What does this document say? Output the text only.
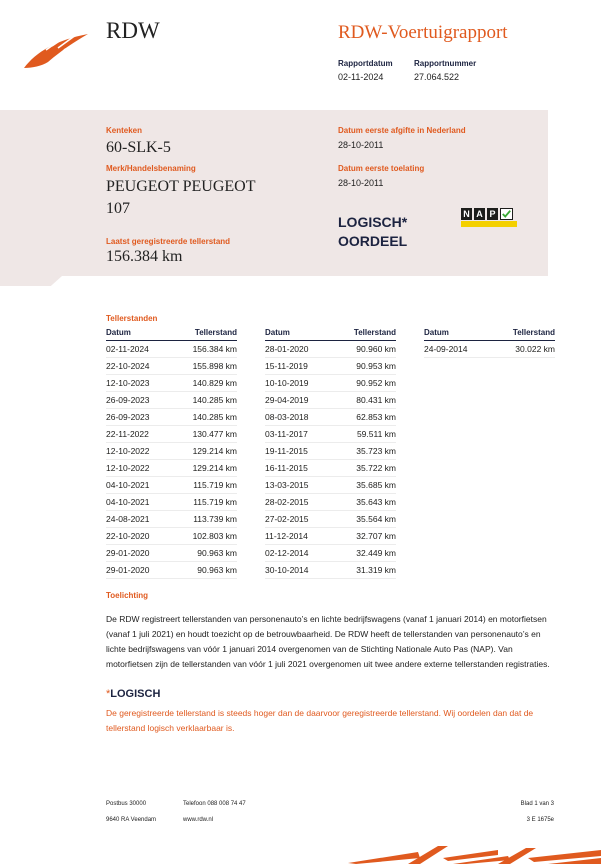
RDW	RDW-Voertuigrapport
Rapportdatum
02-11-2024
Rapportnummer
27.064.522
Kenteken
60-SLK-5
Merk/Handelsbenaming
PEUGEOT PEUGEOT
107
Laatst geregistreerde tellerstand
156.384 km
Datum eerste afgifte in Nederland
28-10-2011
Datum eerste toelating
28-10-2011
LOGISCH*
OORDEEL
N A P
Tellerstanden
Datum	Tellerstand
02-11-2024	156.384 km
22-10-2024	155.898 km
12-10-2023	140.829 km
26-09-2023	140.285 km
26-09-2023	140.285 km
22-11-2022	130.477 km
12-10-2022	129.214 km
12-10-2022	129.214 km
04-10-2021	115.719 km
04-10-2021	115.719 km
24-08-2021	113.739 km
22-10-2020	102.803 km
29-01-2020	90.963 km
29-01-2020	90.963 km
Datum	Tellerstand
28-01-2020	90.960 km
15-11-2019	90.953 km
10-10-2019	90.952 km
29-04-2019	80.431 km
08-03-2018	62.853 km
03-11-2017	59.511 km
19-11-2015	35.723 km
16-11-2015	35.722 km
13-03-2015	35.685 km
28-02-2015	35.643 km
27-02-2015	35.564 km
11-12-2014	32.707 km
02-12-2014	32.449 km
30-10-2014	31.319 km
Datum	Tellerstand
24-09-2014	30.022 km
Toelichting
De RDW registreert tellerstanden van personenauto’s en lichte bedrijfswagens (vanaf 1 januari 2014) en motorfietsen (vanaf 1 juli 2021) en houdt toezicht op de betrouwbaarheid. De RDW heeft de tellerstanden van personenauto’s en lichte bedrijfswagens van vóór 1 januari 2014 overgenomen van de Stichting Nationale Auto Pas (NAP). Van motorfietsen zijn de tellerstanden van vóór 1 juli 2021 overgenomen uit twee andere externe tellerstanden registraties.
*LOGISCH
De geregistreerde tellerstand is steeds hoger dan de daarvoor geregistreerde tellerstand. Wij oordelen dan dat de tellerstand logisch verklaarbaar is.
Postbus 30000
9640 RA Veendam
Telefoon 088 008 74 47
www.rdw.nl
Blad 1 van 3
3 E 1675e
